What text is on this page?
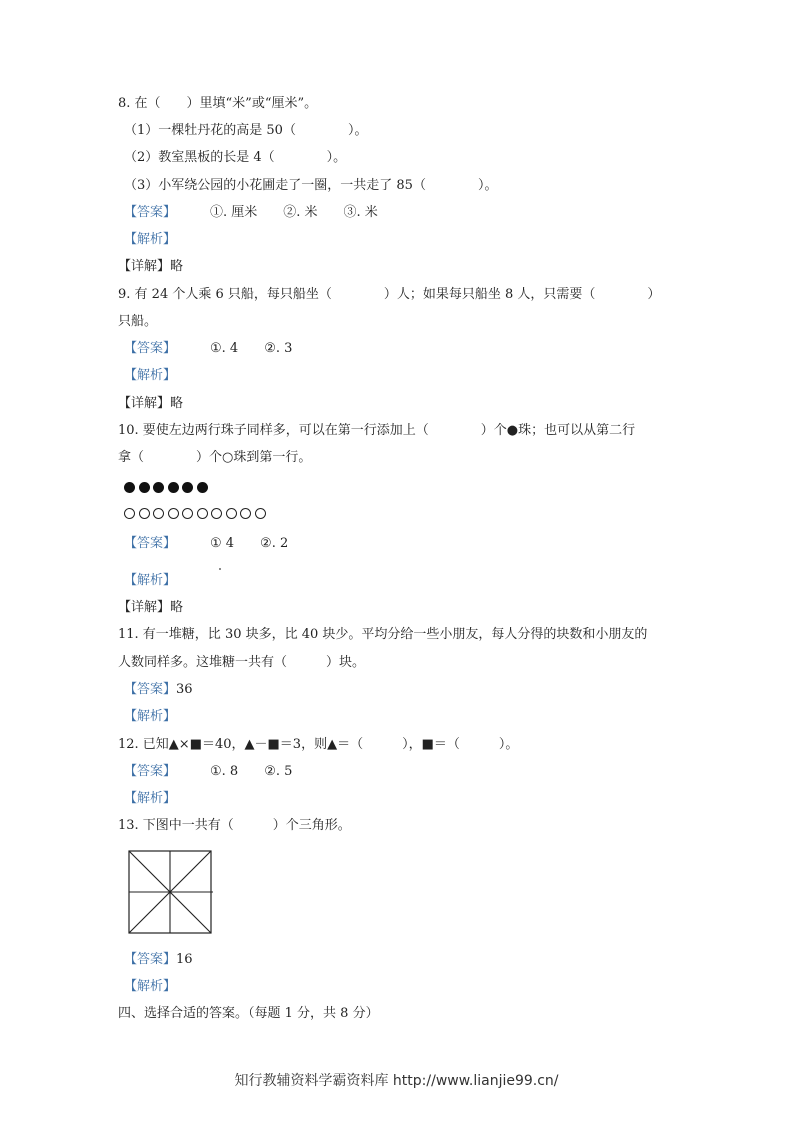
8. 在（　　）里填“米”或“厘米”。
（1）一棵牡丹花的高是 50（　　　　）。
（2）教室黑板的长是 4（　　　　）。
（3）小军绕公园的小花圃走了一圈，一共走了 85（　　　　）。
【答案】	①. 厘米　　②. 米　　③. 米
【解析】
【详解】略
9. 有 24 个人乘 6 只船，每只船坐（　　　　）人；如果每只船坐 8 人，只需要（　　　　）
只船。
【答案】	①. 4　　②. 3
【解析】
【详解】略
10. 要使左边两行珠子同样多，可以在第一行添加上（　　　　）个●珠；也可以从第二行
拿（　　　　）个○珠到第一行。
【答案】	① 4　　②. 2
【解析】
【详解】略
11. 有一堆糖，比 30 块多，比 40 块少。平均分给一些小朋友，每人分得的块数和小朋友的
人数同样多。这堆糖一共有（　　　）块。
【答案】36
【解析】
12. 已知▲×■＝40，▲－■＝3，则▲＝（　　　），■＝（　　　）。
【答案】	①. 8　　②. 5
【解析】
13. 下图中一共有（　　　）个三角形。
【答案】16
【解析】
四、选择合适的答案。（每题 1 分，共 8 分）
知行教辅资料学霸资料库 http://www.lianjie99.cn/
